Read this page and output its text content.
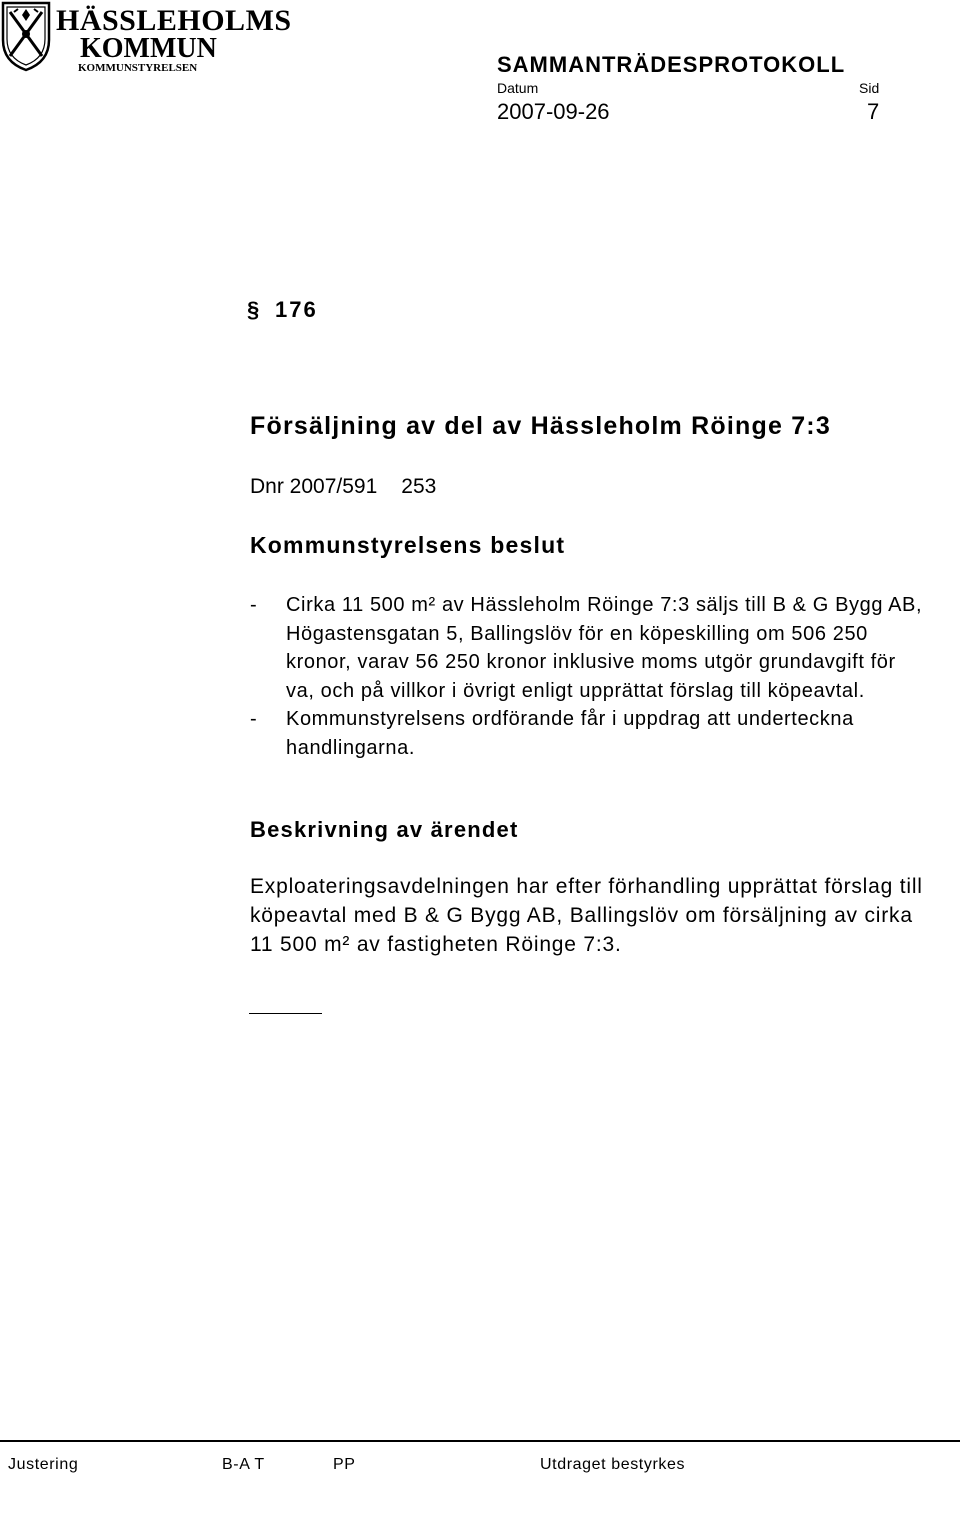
HÄSSLEHOLMS
KOMMUN
KOMMUNSTYRELSEN	SAMMANTRÄDESPROTOKOLL
Datum	Sid
2007-09-26	7
§ 176
Försäljning av del av Hässleholm Röinge 7:3
Dnr 2007/591 253
Kommunstyrelsens beslut
- Cirka 11 500 m² av Hässleholm Röinge 7:3 säljs till B & G Bygg AB, Högastensgatan 5, Ballingslöv för en köpeskilling om 506 250 kronor, varav 56 250 kronor inklusive moms utgör grundavgift för va, och på villkor i övrigt enligt upprättat förslag till köpeavtal.
- Kommunstyrelsens ordförande får i uppdrag att underteckna handlingarna.
Beskrivning av ärendet
Exploateringsavdelningen har efter förhandling upprättat förslag till köpeavtal med B & G Bygg AB, Ballingslöv om försäljning av cirka 11 500 m² av fastigheten Röinge 7:3.
Justering	B-A T	PP	Utdraget bestyrkes
